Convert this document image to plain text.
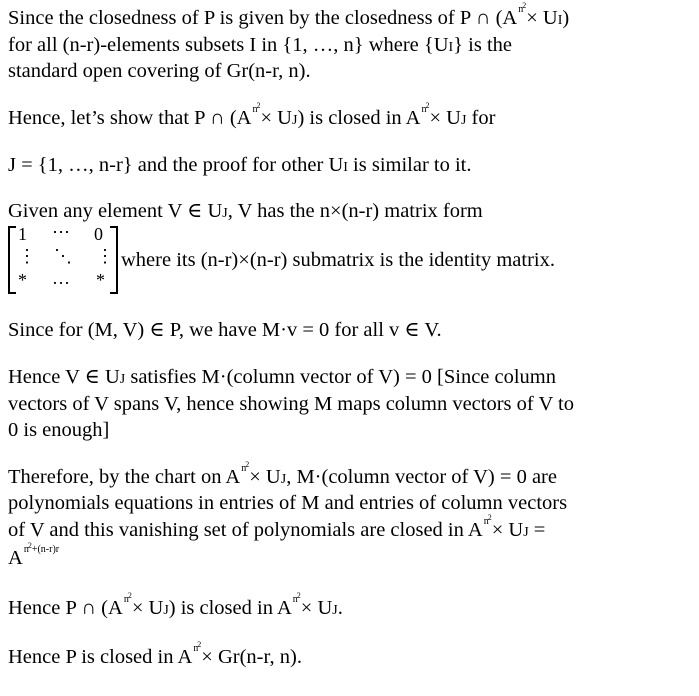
Since the closedness of P is given by the closedness of P ∩ $(A^{n2}\times UI)$
for all (n-r)-elements subsets I in {1, …, n} where {UI} is the
standard open covering of Gr(n-r, n).
Hence, let’s show that P ∩ $(A^{n2}\times UJ)$ is closed in $A^{n2}\times$ UJ for
J = {1, …, n-r} and the proof for other UI is similar to it.
Given any element V ∈ UJ, V has the n×(n-r) matrix form
1 ⋯ 0
⋮ ⋱ ⋮
* … *
where its (n-r)×(n-r) submatrix is the identity matrix.
Since for (M, V) ∈ P, we have M·v = 0 for all v ∈ V.
Hence V ∈ UJ satisfies M·(column vector of V) = 0 [Since column
vectors of V spans V, hence showing M maps column vectors of V to
0 is enough]
Therefore, by the chart on $A^{n2}\times$ UJ, M·(column vector of V) = 0 are
polynomials equations in entries of M and entries of column vectors
of V and this vanishing set of polynomials are closed in $A^{n2}\times$ UJ =
$A^{n2+(n-r)r}$
Hence P ∩ $(A^{n2}\times UJ)$ is closed in $A^{n2}\times$ UJ.
Hence P is closed in $A^{n2}\times Gr(n-r$, n).
